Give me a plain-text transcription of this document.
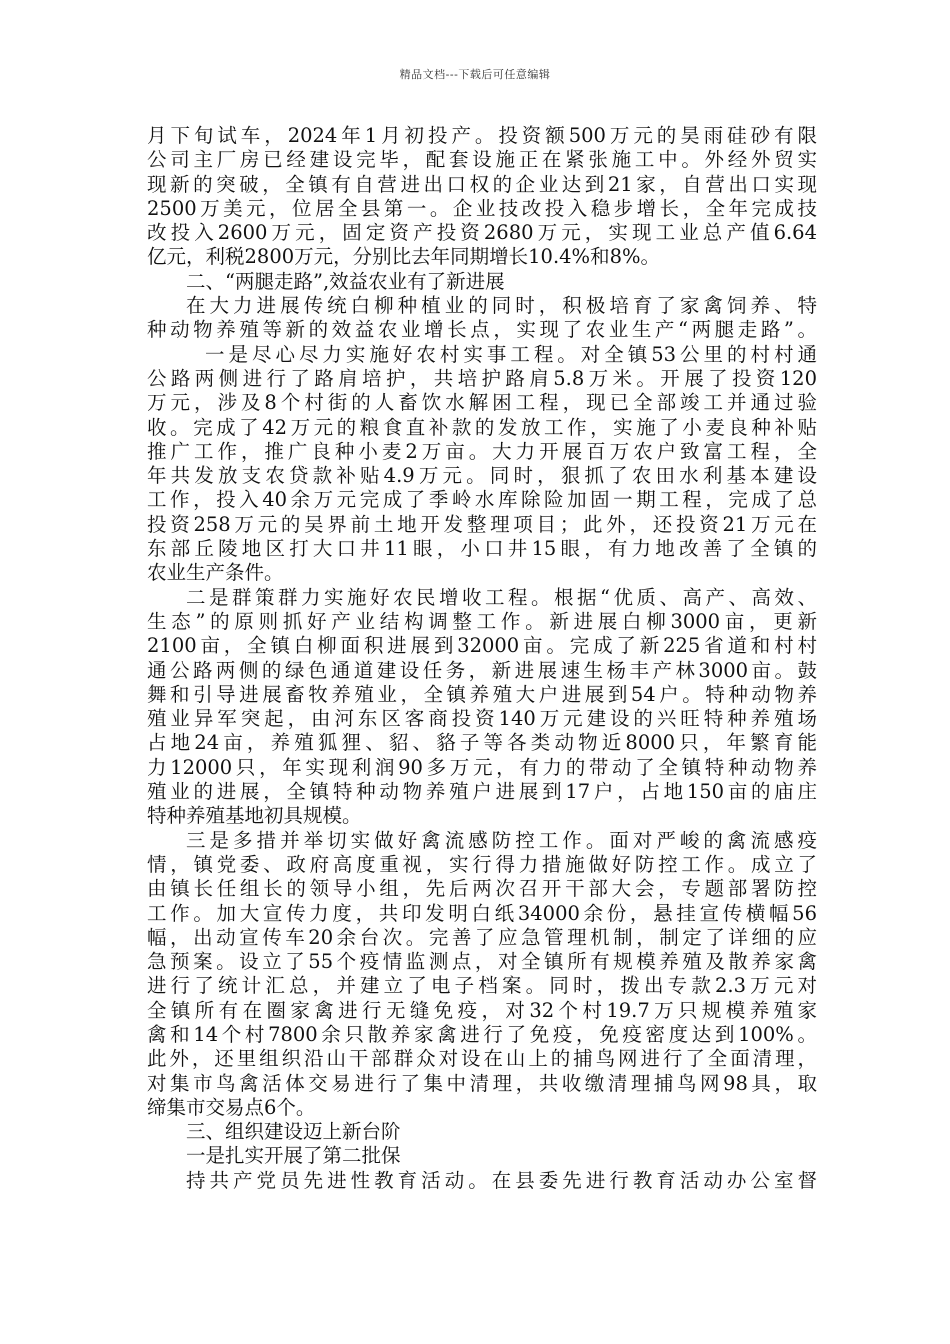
精品文档---下载后可任意编辑
月下旬试车，2024年1月初投产。投资额500万元的昊雨硅砂有限
公司主厂房已经建设完毕，配套设施正在紧张施工中。外经外贸实
现新的突破，全镇有自营进出口权的企业达到21家，自营出口实现
2500万美元，位居全县第一。企业技改投入稳步增长，全年完成技
改投入2600万元，固定资产投资2680万元，实现工业总产值6.64
亿元，利税2800万元，分别比去年同期增长10.4%和8%。
二、“两腿走路”,效益农业有了新进展
在大力进展传统白柳种植业的同时，积极培育了家禽饲养、特
种动物养殖等新的效益农业增长点，实现了农业生产“两腿走路”。
一是尽心尽力实施好农村实事工程。对全镇53公里的村村通
公路两侧进行了路肩培护，共培护路肩5.8万米。开展了投资120
万元，涉及8个村街的人畜饮水解困工程，现已全部竣工并通过验
收。完成了42万元的粮食直补款的发放工作，实施了小麦良种补贴
推广工作，推广良种小麦2万亩。大力开展百万农户致富工程，全
年共发放支农贷款补贴4.9万元。同时，狠抓了农田水利基本建设
工作，投入40余万元完成了季岭水库除险加固一期工程，完成了总
投资258万元的吴界前土地开发整理项目；此外，还投资21万元在
东部丘陵地区打大口井11眼，小口井15眼，有力地改善了全镇的
农业生产条件。
二是群策群力实施好农民增收工程。根据“优质、高产、高效、
生态”的原则抓好产业结构调整工作。新进展白柳3000亩，更新
2100亩，全镇白柳面积进展到32000亩。完成了新225省道和村村
通公路两侧的绿色通道建设任务，新进展速生杨丰产林3000亩。鼓
舞和引导进展畜牧养殖业，全镇养殖大户进展到54户。特种动物养
殖业异军突起，由河东区客商投资140万元建设的兴旺特种养殖场
占地24亩，养殖狐狸、貂、貉子等各类动物近8000只，年繁育能
力12000只，年实现利润90多万元，有力的带动了全镇特种动物养
殖业的进展，全镇特种动物养殖户进展到17户，占地150亩的庙庄
特种养殖基地初具规模。
三是多措并举切实做好禽流感防控工作。面对严峻的禽流感疫
情，镇党委、政府高度重视，实行得力措施做好防控工作。成立了
由镇长任组长的领导小组，先后两次召开干部大会，专题部署防控
工作。加大宣传力度，共印发明白纸34000余份，悬挂宣传横幅56
幅，出动宣传车20余台次。完善了应急管理机制，制定了详细的应
急预案。设立了55个疫情监测点，对全镇所有规模养殖及散养家禽
进行了统计汇总，并建立了电子档案。同时，拨出专款2.3万元对
全镇所有在圈家禽进行无缝免疫，对32个村19.7万只规模养殖家
禽和14个村7800余只散养家禽进行了免疫，免疫密度达到100%。
此外，还里组织沿山干部群众对设在山上的捕鸟网进行了全面清理，
对集市鸟禽活体交易进行了集中清理，共收缴清理捕鸟网98具，取
缔集市交易点6个。
三、组织建设迈上新台阶
一是扎实开展了第二批保
持共产党员先进性教育活动。在县委先进行教育活动办公室督
